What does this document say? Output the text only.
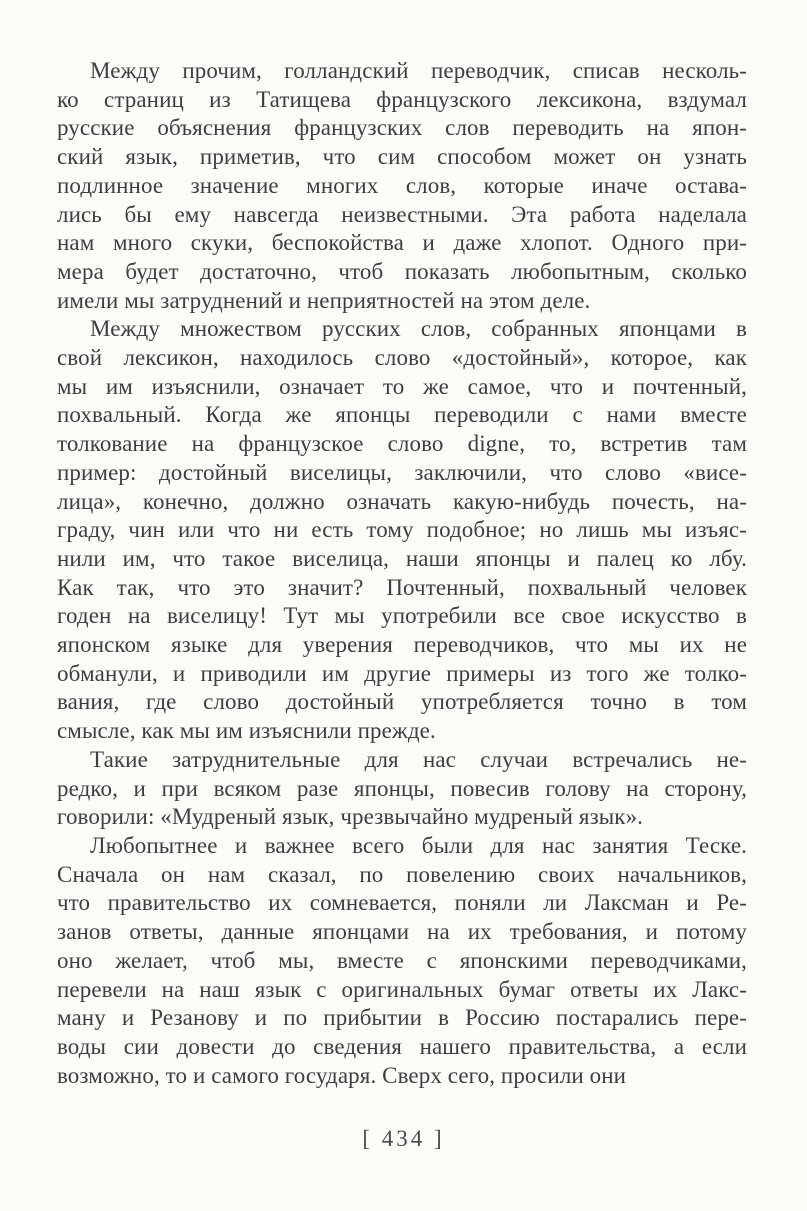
Между прочим, голландский переводчик, списав несколь-
ко страниц из Татищева французского лексикона, вздумал
русские объяснения французских слов переводить на япон-
ский язык, приметив, что сим способом может он узнать
подлинное значение многих слов, которые иначе остава-
лись бы ему навсегда неизвестными. Эта работа наделала
нам много скуки, беспокойства и даже хлопот. Одного при-
мера будет достаточно, чтоб показать любопытным, сколько
имели мы затруднений и неприятностей на этом деле.
Между множеством русских слов, собранных японцами в
свой лексикон, находилось слово «достойный», которое, как
мы им изъяснили, означает то же самое, что и почтенный,
похвальный. Когда же японцы переводили с нами вместе
толкование на французское слово digne, то, встретив там
пример: достойный виселицы, заключили, что слово «висе-
лица», конечно, должно означать какую-нибудь почесть, на-
граду, чин или что ни есть тому подобное; но лишь мы изъяс-
нили им, что такое виселица, наши японцы и палец ко лбу.
Как так, что это значит? Почтенный, похвальный человек
годен на виселицу! Тут мы употребили все свое искусство в
японском языке для уверения переводчиков, что мы их не
обманули, и приводили им другие примеры из того же толко-
вания, где слово достойный употребляется точно в том
смысле, как мы им изъяснили прежде.
Такие затруднительные для нас случаи встречались не-
редко, и при всяком разе японцы, повесив голову на сторону,
говорили: «Мудреный язык, чрезвычайно мудреный язык».
Любопытнее и важнее всего были для нас занятия Теске.
Сначала он нам сказал, по повелению своих начальников,
что правительство их сомневается, поняли ли Лаксман и Ре-
занов ответы, данные японцами на их требования, и потому
оно желает, чтоб мы, вместе с японскими переводчиками,
перевели на наш язык с оригинальных бумаг ответы их Лакс-
ману и Резанову и по прибытии в Россию постарались пере-
воды сии довести до сведения нашего правительства, а если
возможно, то и самого государя. Сверх сего, просили они
[ 434 ]
